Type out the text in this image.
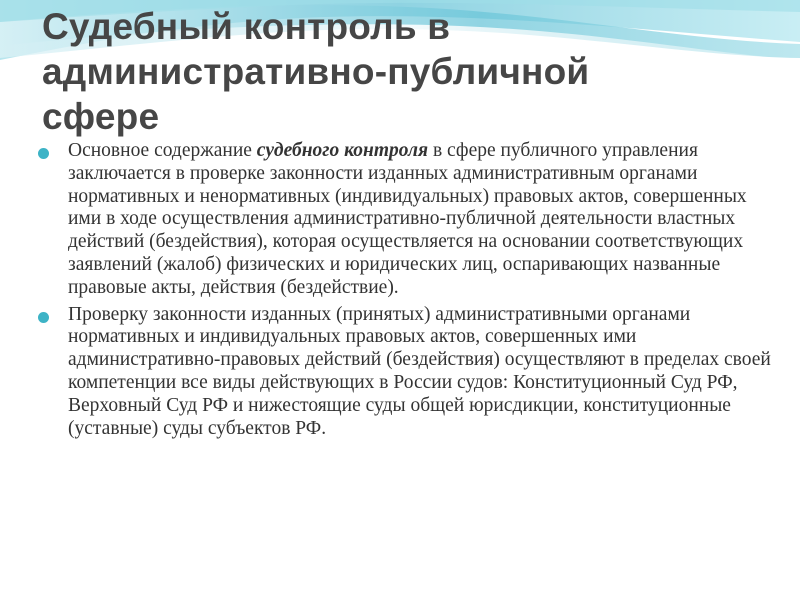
Судебный контроль в
административно-публичной
сфере
Основное содержание судебного контроля в сфере публичного управления заключается в проверке законности изданных административным органами нормативных и ненормативных (индивидуальных) правовых актов, совершенных ими в ходе осуществления административно-публичной деятельности властных действий (бездействия), которая осуществляется на основании соответствующих заявлений (жалоб) физических и юридических лиц, оспаривающих названные правовые акты, действия (бездействие).
Проверку законности изданных (принятых) административными органами нормативных и индивидуальных правовых актов, совершенных ими административно-правовых действий (бездействия) осуществляют в пределах своей компетенции все виды действующих в России судов: Конституционный Суд РФ, Верховный Суд РФ и нижестоящие суды общей юрисдикции, конституционные (уставные) суды субъектов РФ.
